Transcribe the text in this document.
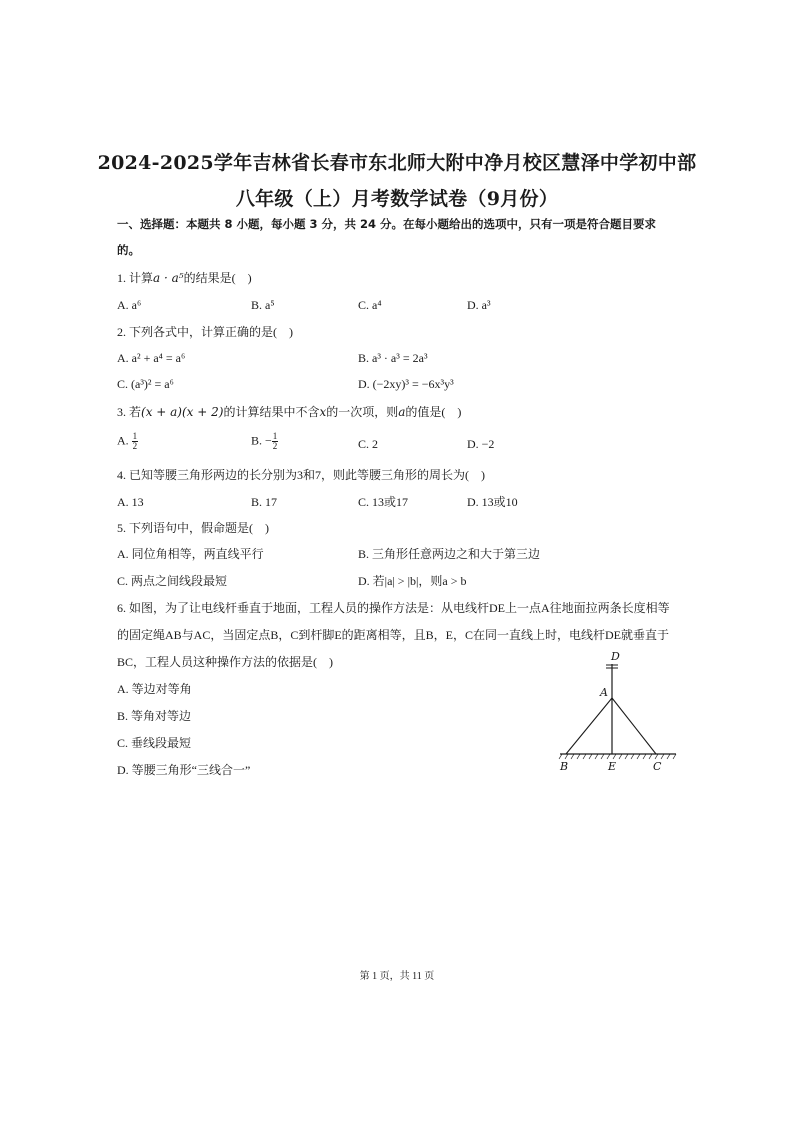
2024-2025学年吉林省长春市东北师大附中净月校区慧泽中学初中部
八年级（上）月考数学试卷（9月份）
一、选择题：本题共 8 小题，每小题 3 分，共 24 分。在每小题给出的选项中，只有一项是符合题目要求
的。
1. 计算a · a⁵的结果是(　)
A. a⁶	B. a⁵	C. a⁴	D. a³
2. 下列各式中，计算正确的是(　)
A. a² + a⁴ = a⁶	B. a³ · a³ = 2a³
C. (a³)² = a⁶	D. (−2xy)³ = −6x³y³
3. 若(x + a)(x + 2)的计算结果中不含x的一次项，则a的值是(　)
A. $\frac{1}{2}$	B. − $\frac{1}{2}$	C. 2	D. −2
4. 已知等腰三角形两边的长分别为3和7，则此等腰三角形的周长为(　)
A. 13	B. 17	C. 13或17	D. 13或10
5. 下列语句中，假命题是(　)
A. 同位角相等，两直线平行	B. 三角形任意两边之和大于第三边
C. 两点之间线段最短	D. 若|a| > |b|，则a > b
6. 如图，为了让电线杆垂直于地面，工程人员的操作方法是：从电线杆DE上一点A往地面拉两条长度相等
的固定绳AB与AC，当固定点B，C到杆脚E的距离相等，且B，E，C在同一直线上时，电线杆DE就垂直于
BC，工程人员这种操作方法的依据是(　)
A. 等边对等角
B. 等角对等边
C. 垂线段最短
D. 等腰三角形“三线合一”
D
A
B	E	C
第 1 页，共 11 页
